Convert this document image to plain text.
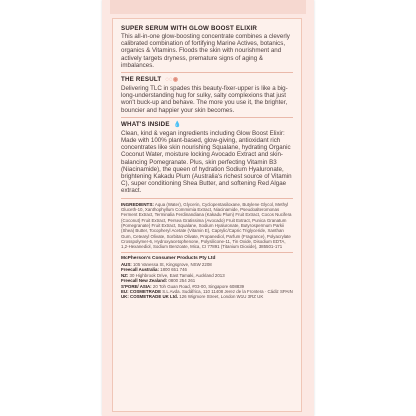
SUPER SERUM WITH GLOW BOOST ELIXIR

This all-in-one glow-boosting concentrate combines a cleverly calibrated combination of fortifying Marine Actives, botanics, organics & Vitamins. Floods the skin with nourishment and actively targets dryness, premature signs of aging & imbalances.

THE RESULT ◌◌◉

Delivering TLC in spades this beauty-fixer-upper is like a big-long-understanding hug for sulky, salty complexions that just won't buck-up and behave. The more you use it, the brighter, bouncier and happier your skin becomes.

WHAT'S INSIDE 💧

Clean, kind & vegan ingredients including Glow Boost Elixir: Made with 100% plant-based, glow-giving, antioxidant rich concentrates like skin nourishing Squalane, hydrating Organic Coconut Water, moisture locking Avocado Extract and skin-balancing Pomegranate. Plus, skin perfecting Vitamin B3 (Niacinamide), the queen of hydration Sodium Hyaluronate, brightening Kakadu Plum (Australia's richest source of Vitamin C), super conditioning Shea Butter, and softening Red Algae extract.

INGREDIENTS: Aqua (Water), Glycerin, Cyclopentasiloxane, Butylene Glycol, Methyl Gluceth-10, Xanthophyllum Commimia Extract, Niacinamide, Pseudoalteromonas Ferment Extract, Terminalia Ferdinandiana (Kakadu Plum) Fruit Extract, Cocos Nucifera (Coconut) Fruit Extract, Persea Gratissima (Avocado) Fruit Extract, Punica Granatum (Pomegranate) Fruit Extract, Squalane, Sodium Hyaluronate, Butyrospermum Parkii (Shea) Butter, Tocopheryl Acetate (Vitamin E), Caprylic/Capric Triglyceride, Xanthan Gum, Cetearyl Olivate, Sorbitan Olivate, Propanediol, Parfum (Fragrance), Polyacrylate Crosspolymer-6, Hydroxyacetophenone, Polysilicone-11, Tin Oxide, Disodium EDTA, 1,2-Hexanediol, Sodium Benzoate, Mica, CI 77891 (Titanium Dioxide), 385501-171

McPherson's Consumer Products Pty Ltd

AUS: 105 Vanessa St, Kingsgrove, NSW 2208

Freecall Australia: 1800 651 746

NZ: 30 Highbrook Drive, East Tamaki, Auckland 2013

Freecall New Zealand: 0800 254 261

S'PORE/ ASIA: 20 Toh Guan Road, #03-00, Singapore 608839

EU: COSMETRADE S.L Avda. Sudáfrica, 110 11408 Jerez de la Frontera · Cádiz SPAIN

UK: COSMETRADE UK Ltd. 126 Wigmore Street, London W1U 3RZ UK
